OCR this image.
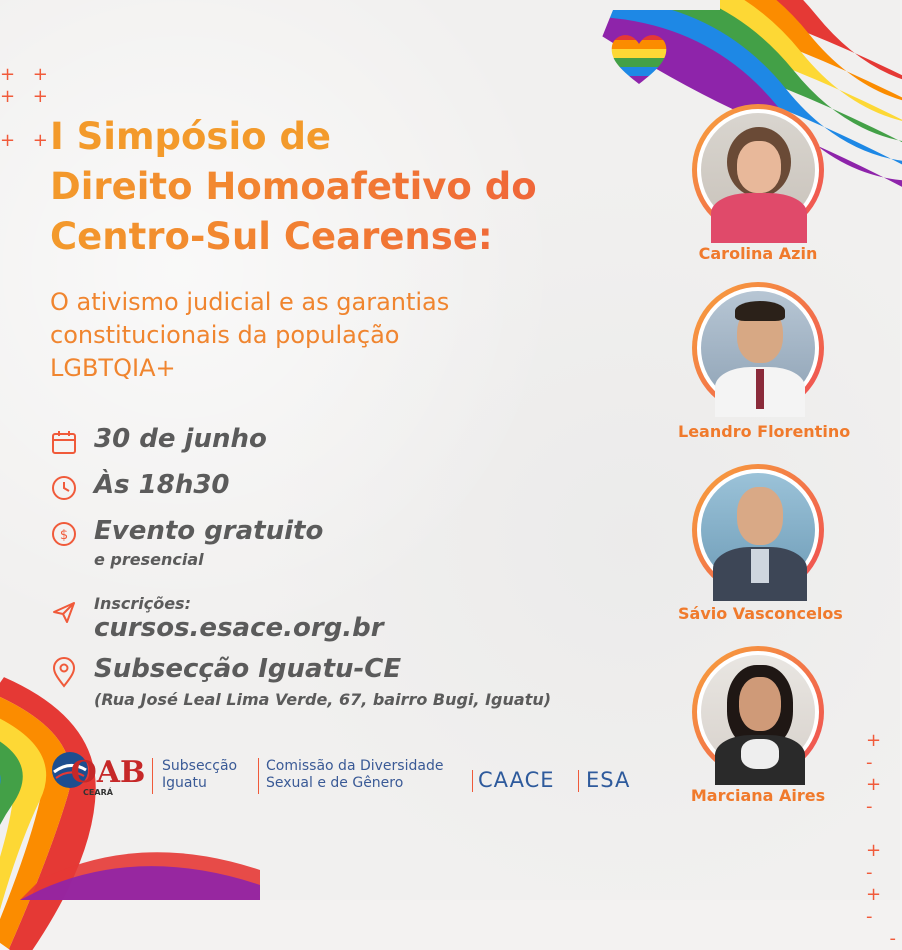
+ +
+ +

+ +
+ -
+ -

+ -
+ -
-
I Simpósio de
Direito Homoafetivo do
Centro-Sul Cearense:
O ativismo judicial e as garantias
constitucionais da população
LGBTQIA+
30 de junho
Às 18h30
$ Evento gratuito
e presencial
Inscrições:
cursos.esace.org.br
Subsecção Iguatu-CE
(Rua José Leal Lima Verde, 67, bairro Bugi, Iguatu)
Carolina Azin
Leandro Florentino
Sávio Vasconcelos
Marciana Aires
OAB
CEARÁ
Subsecção
Iguatu
Comissão da Diversidade
Sexual e de Gênero	CAACE ESA
